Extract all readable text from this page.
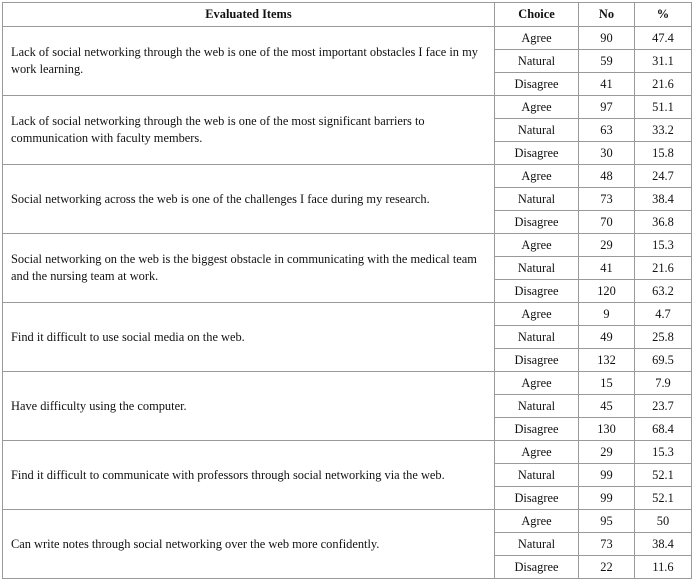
Evaluated Items	Choice	No	%
Lack of social networking through the web is one of the most important obstacles I face in my work learning.	Agree	90	47.4
	Natural	59	31.1
	Disagree	41	21.6
Lack of social networking through the web is one of the most significant barriers to communication with faculty members.	Agree	97	51.1
	Natural	63	33.2
	Disagree	30	15.8
Social networking across the web is one of the challenges I face during my research.	Agree	48	24.7
	Natural	73	38.4
	Disagree	70	36.8
Social networking on the web is the biggest obstacle in communicating with the medical team and the nursing team at work.	Agree	29	15.3
	Natural	41	21.6
	Disagree	120	63.2
Find it difficult to use social media on the web.	Agree	9	4.7
	Natural	49	25.8
	Disagree	132	69.5
Have difficulty using the computer.	Agree	15	7.9
	Natural	45	23.7
	Disagree	130	68.4
Find it difficult to communicate with professors through social networking via the web.	Agree	29	15.3
	Natural	99	52.1
	Disagree	99	52.1
Can write notes through social networking over the web more confidently.	Agree	95	50
	Natural	73	38.4
	Disagree	22	11.6
